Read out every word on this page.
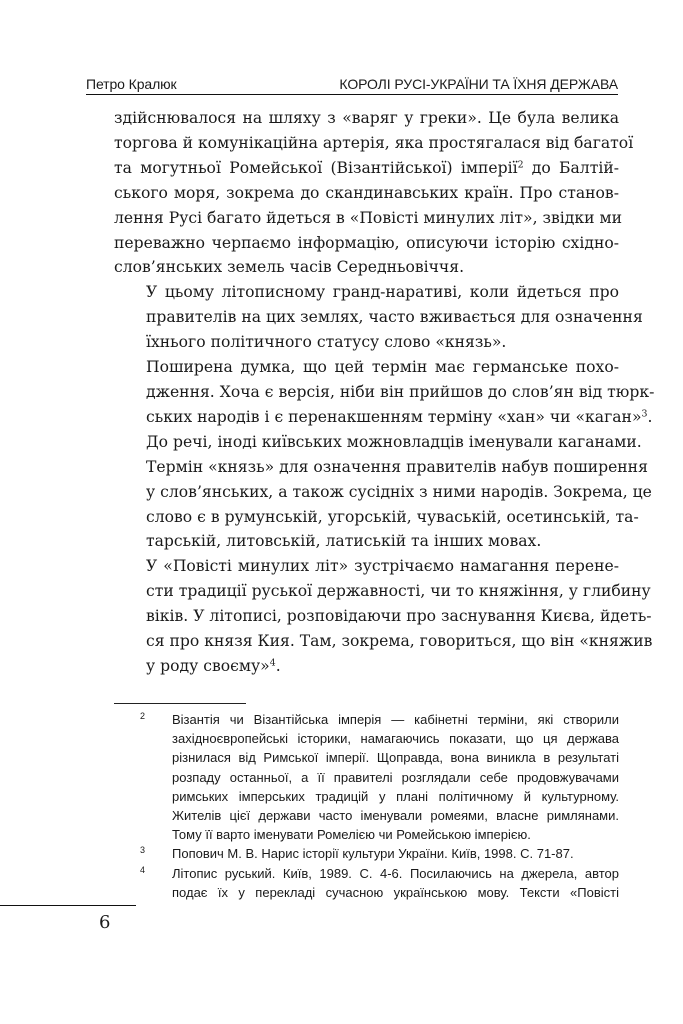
Петро Кралюк	КОРОЛІ РУСІ-УКРАЇНИ ТА ЇХНЯ ДЕРЖАВА

здійснювалося на шляху з «варяг у греки». Це була велика
торгова й комунікаційна артерія, яка простягалася від багатої
та могутньої Ромейської (Візантійської) імперії$^2$ до Балтій-
ського моря, зокрема до скандинавських країн. Про станов-
лення Русі багато йдеться в «Повісті минулих літ», звідки ми
переважно черпаємо інформацію, описуючи історію східно-
слов’янських земель часів Середньовіччя.

У цьому літописному гранд-наративі, коли йдеться про
правителів на цих землях, часто вживається для означення
їхнього політичного статусу слово «князь».

Поширена думка, що цей термін має германське похо-
дження. Хоча є версія, ніби він прийшов до слов’ян від тюрк-
ських народів і є перенакшенням терміну «хан» чи «каган»$^3$.
До речі, іноді київських можновладців іменували каганами.
Термін «князь» для означення правителів набув поширення
у слов’янських, а також сусідніх з ними народів. Зокрема, це
слово є в румунській, угорській, чуваській, осетинській, та-
тарській, литовській, латиській та інших мовах.

У «Повісті минулих літ» зустрічаємо намагання перене-
сти традиції руської державності, чи то княжіння, у глибину
віків. У літописі, розповідаючи про заснування Києва, йдеть-
ся про князя Кия. Там, зокрема, говориться, що він «княжив
у роду своєму»$^4$.

2 Візантія чи Візантійська імперія — кабінетні терміни, які створили
західноєвропейські історики, намагаючись показати, що ця держава
різнилася від Римської імперії. Щоправда, вона виникла в результаті
розпаду останньої, а її правителі розглядали себе продовжувачами
римських імперських традицій у плані політичному й культурному.
Жителів цієї держави часто іменували ромеями, власне римлянами.
Тому її варто іменувати Ромелією чи Ромейською імперією.
3 Попович М. В. Нарис історії культури України. Київ, 1998. С. 71-87.
4 Літопис руський. Київ, 1989. С. 4-6. Посилаючись на джерела, автор
подає їх у перекладі сучасною українською мову. Тексти «Повісті
6
